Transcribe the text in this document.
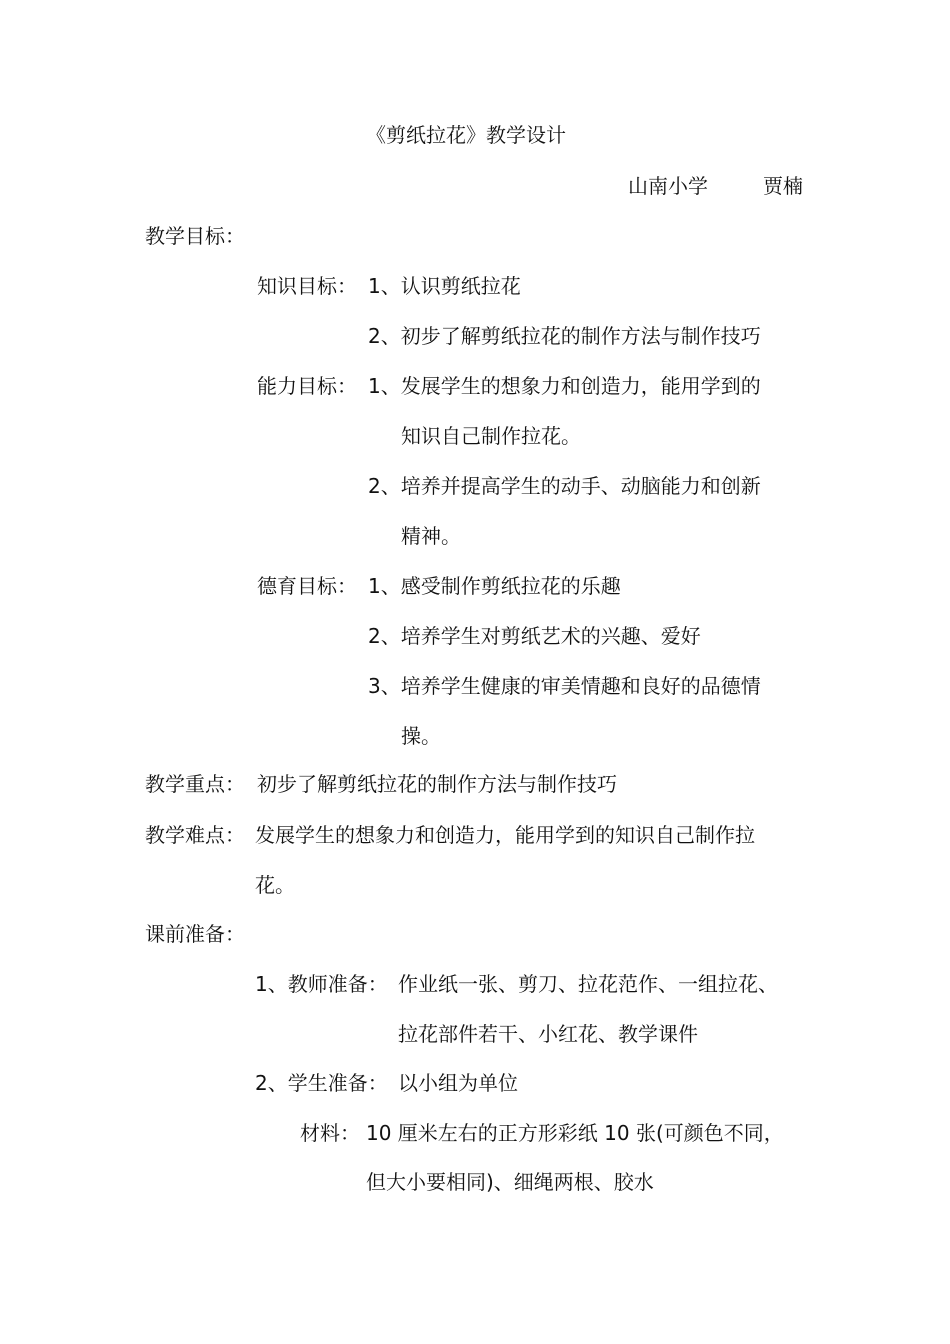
《剪纸拉花》教学设计
山南小学	贾楠
教学目标：
知识目标： 1、认识剪纸拉花
2、初步了解剪纸拉花的制作方法与制作技巧
能力目标： 1、发展学生的想象力和创造力，能用学到的
知识自己制作拉花。
2、培养并提高学生的动手、动脑能力和创新
精神。
德育目标： 1、感受制作剪纸拉花的乐趣
2、培养学生对剪纸艺术的兴趣、爱好
3、培养学生健康的审美情趣和良好的品德情
操。
教学重点： 初步了解剪纸拉花的制作方法与制作技巧
教学难点： 发展学生的想象力和创造力，能用学到的知识自己制作拉
花。
课前准备：
1、教师准备： 作业纸一张、剪刀、拉花范作、一组拉花、
拉花部件若干、小红花、教学课件
2、学生准备： 以小组为单位
材料： 10 厘米左右的正方形彩纸 10 张(可颜色不同，
但大小要相同)、细绳两根、胶水
